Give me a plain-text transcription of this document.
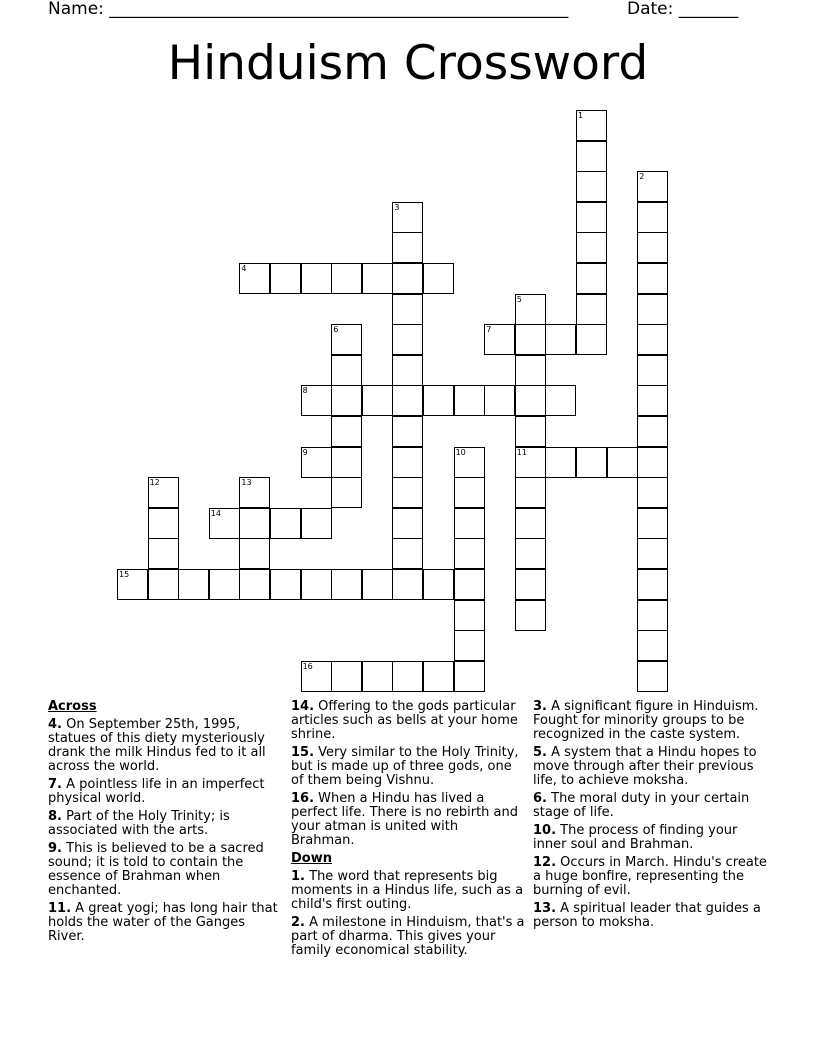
Name: ______________________________________________________	Date: _______
Hinduism Crossword
1
2
3
4
5
11
6	7
8
9	10
12	13
14
15
16
Across
4. On September 25th, 1995, statues of this diety mysteriously drank the milk Hindus fed to it all across the world.
7. A pointless life in an imperfect physical world.
8. Part of the Holy Trinity; is associated with the arts.
9. This is believed to be a sacred sound; it is told to contain the essence of Brahman when enchanted.
11. A great yogi; has long hair that holds the water of the Ganges River.
14. Offering to the gods particular articles such as bells at your home shrine.
15. Very similar to the Holy Trinity, but is made up of three gods, one of them being Vishnu.
16. When a Hindu has lived a perfect life. There is no rebirth and your atman is united with Brahman.
Down
1. The word that represents big moments in a Hindus life, such as a child's first outing.
2. A milestone in Hinduism, that's a part of dharma. This gives your family economical stability.
3. A significant figure in Hinduism. Fought for minority groups to be recognized in the caste system.
5. A system that a Hindu hopes to move through after their previous life, to achieve moksha.
6. The moral duty in your certain stage of life.
10. The process of finding your inner soul and Brahman.
12. Occurs in March. Hindu's create a huge bonfire, representing the burning of evil.
13. A spiritual leader that guides a person to moksha.
